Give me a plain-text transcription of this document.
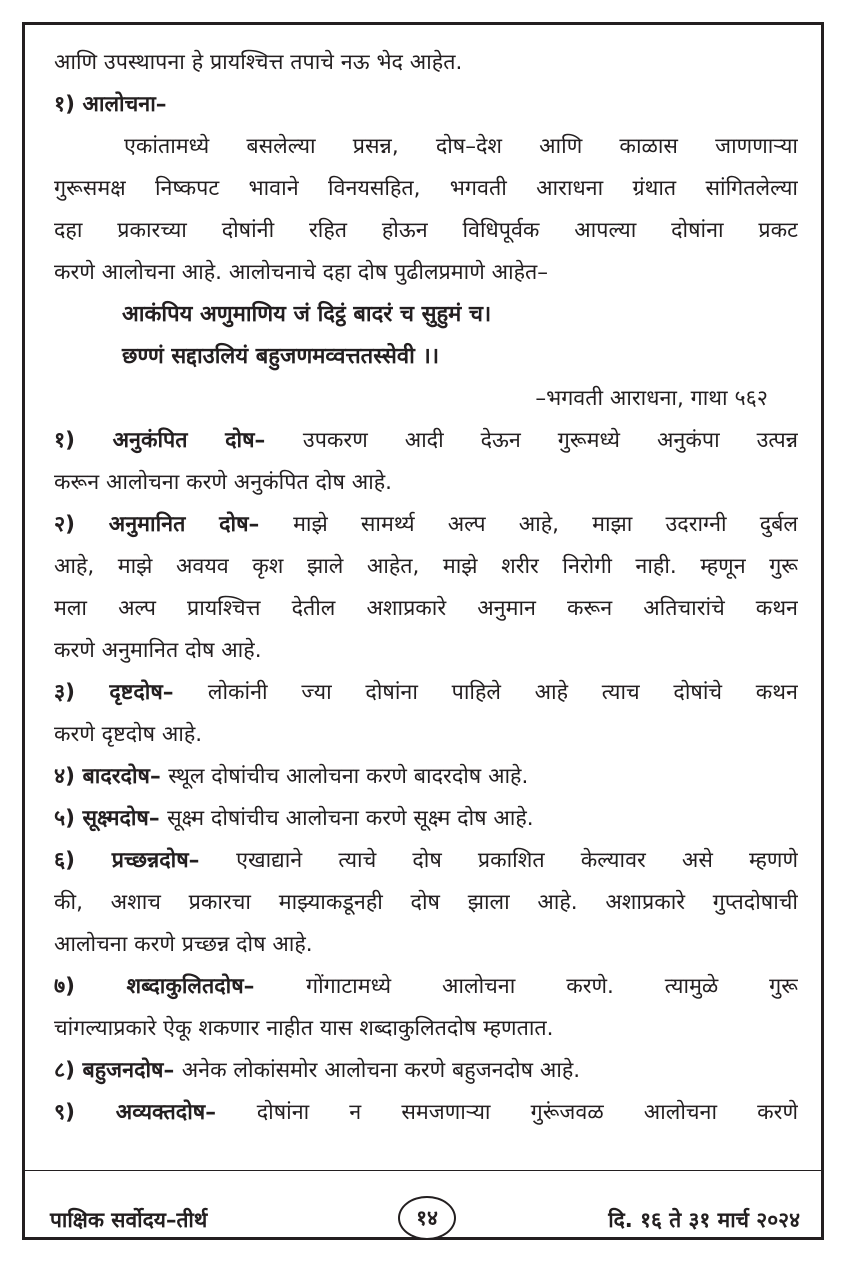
आणि उपस्थापना हे प्रायश्चित्त तपाचे नऊ भेद आहेत.
१) आलोचना–
एकांतामध्ये बसलेल्या प्रसन्न, दोष–देश आणि काळास जाणणाऱ्या
गुरूसमक्ष निष्कपट भावाने विनयसहित, भगवती आराधना ग्रंथात सांगितलेल्या
दहा प्रकारच्या दोषांनी रहित होऊन विधिपूर्वक आपल्या दोषांना प्रकट
करणे आलोचना आहे. आलोचनाचे दहा दोष पुढीलप्रमाणे आहेत–
आकंपिय अणुमाणिय जं दिट्ठं बादरं च सुहुमं च।
छण्णं सद्दाउलियं बहुजणमव्वत्ततस्सेवी ।।
–भगवती आराधना, गाथा ५६२
१) अनुकंपित दोष– उपकरण आदी देऊन गुरूमध्ये अनुकंपा उत्पन्न
करून आलोचना करणे अनुकंपित दोष आहे.
२) अनुमानित दोष– माझे सामर्थ्य अल्प आहे, माझा उदराग्नी दुर्बल
आहे, माझे अवयव कृश झाले आहेत, माझे शरीर निरोगी नाही. म्हणून गुरू
मला अल्प प्रायश्चित्त देतील अशाप्रकारे अनुमान करून अतिचारांचे कथन
करणे अनुमानित दोष आहे.
३) दृष्टदोष– लोकांनी ज्या दोषांना पाहिले आहे त्याच दोषांचे कथन
करणे दृष्टदोष आहे.
४) बादरदोष– स्थूल दोषांचीच आलोचना करणे बादरदोष आहे.
५) सूक्ष्मदोष– सूक्ष्म दोषांचीच आलोचना करणे सूक्ष्म दोष आहे.
६) प्रच्छन्नदोष– एखाद्याने त्याचे दोष प्रकाशित केल्यावर असे म्हणणे
की, अशाच प्रकारचा माझ्याकडूनही दोष झाला आहे. अशाप्रकारे गुप्तदोषाची
आलोचना करणे प्रच्छन्न दोष आहे.
७) शब्दाकुलितदोष– गोंगाटामध्ये आलोचना करणे. त्यामुळे गुरू
चांगल्याप्रकारे ऐकू शकणार नाहीत यास शब्दाकुलितदोष म्हणतात.
८) बहुजनदोष– अनेक लोकांसमोर आलोचना करणे बहुजनदोष आहे.
९) अव्यक्तदोष– दोषांना न समजणाऱ्या गुरूंजवळ आलोचना करणे
पाक्षिक सर्वोदय–तीर्थ	१४	दि. १६ ते ३१ मार्च २०२४
